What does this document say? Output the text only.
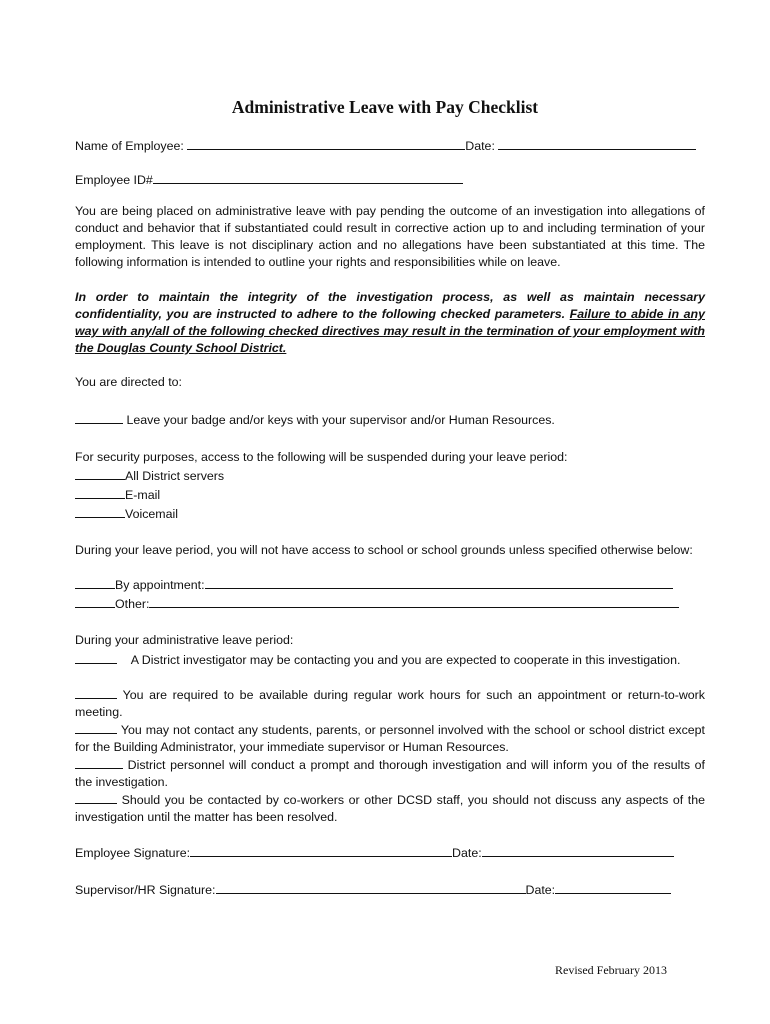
Administrative Leave with Pay Checklist
Name of Employee:	Date:
Employee ID#
You are being placed on administrative leave with pay pending the outcome of an investigation into allegations of conduct and behavior that if substantiated could result in corrective action up to and including termination of your employment. This leave is not disciplinary action and no allegations have been substantiated at this time. The following information is intended to outline your rights and responsibilities while on leave.
In order to maintain the integrity of the investigation process, as well as maintain necessary confidentiality, you are instructed to adhere to the following checked parameters. Failure to abide in any way with any/all of the following checked directives may result in the termination of your employment with the Douglas County School District.
You are directed to:
Leave your badge and/or keys with your supervisor and/or Human Resources.
For security purposes, access to the following will be suspended during your leave period:
All District servers
E-mail
Voicemail
During your leave period, you will not have access to school or school grounds unless specified otherwise below:
By appointment:
Other:
During your administrative leave period:
A District investigator may be contacting you and you are expected to cooperate in this investigation.
You are required to be available during regular work hours for such an appointment or return-to-work meeting.
You may not contact any students, parents, or personnel involved with the school or school district except for the Building Administrator, your immediate supervisor or Human Resources.
District personnel will conduct a prompt and thorough investigation and will inform you of the results of the investigation.
Should you be contacted by co-workers or other DCSD staff, you should not discuss any aspects of the investigation until the matter has been resolved.
Employee Signature:	Date:
Supervisor/HR Signature:	Date:
Revised February 2013
